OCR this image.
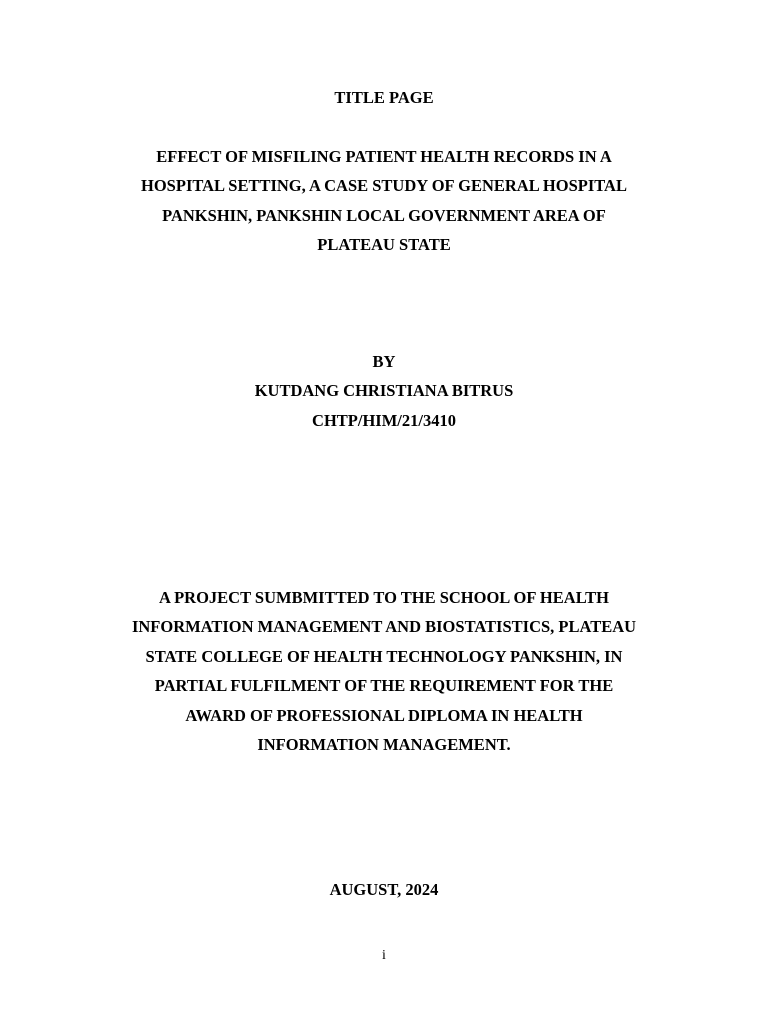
TITLE PAGE
EFFECT OF MISFILING PATIENT HEALTH RECORDS IN A
HOSPITAL SETTING, A CASE STUDY OF GENERAL HOSPITAL
PANKSHIN, PANKSHIN LOCAL GOVERNMENT AREA OF
PLATEAU STATE
BY
KUTDANG CHRISTIANA BITRUS
CHTP/HIM/21/3410
A PROJECT SUMBMITTED TO THE SCHOOL OF HEALTH
INFORMATION MANAGEMENT AND BIOSTATISTICS, PLATEAU
STATE COLLEGE OF HEALTH TECHNOLOGY PANKSHIN, IN
PARTIAL FULFILMENT OF THE REQUIREMENT FOR THE
AWARD OF PROFESSIONAL DIPLOMA IN HEALTH
INFORMATION MANAGEMENT.
AUGUST, 2024
i
